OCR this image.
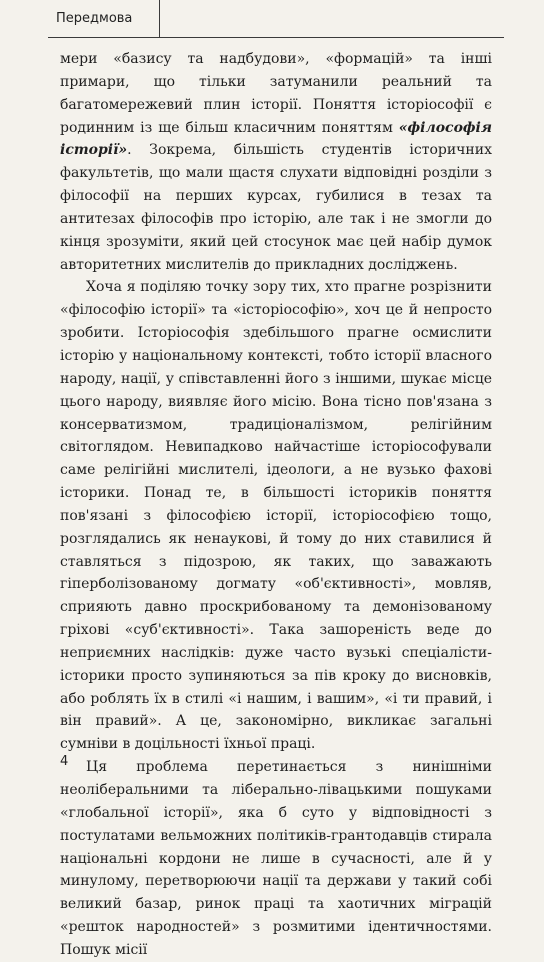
Передмова

мери «базису та надбудови», «формацій» та інші примари, що тільки затуманили реальний та багатомережевий плин історії. Поняття історіософії є родинним із ще більш класичним поняттям «філософія історії». Зокрема, більшість студентів історичних факультетів, що мали щастя слухати відповідні розділи з філософії на перших курсах, губилися в тезах та антитезах філософів про історію, але так і не змогли до кінця зрозуміти, який цей стосунок має цей набір думок авторитетних мислителів до прикладних досліджень.

Хоча я поділяю точку зору тих, хто прагне розрізнити «філософію історії» та «історіософію», хоч це й непросто зробити. Історіософія здебільшого прагне осмислити історію у національному контексті, тобто історії власного народу, нації, у співставленні його з іншими, шукає місце цього народу, виявляє його місію. Вона тісно пов'язана з консерватизмом, традиціоналізмом, релігійним світоглядом. Невипадково найчастіше історіософували саме релігійні мислителі, ідеологи, а не вузько фахові історики. Понад те, в більшості істориків поняття пов'язані з філософією історії, історіософією тощо, розглядались як ненаукові, й тому до них ставилися й ставляться з підозрою, як таких, що заважають гіперболізованому догмату «об'єктивності», мовляв, сприяють давно проскрибованому та демонізованому гріхові «суб'єктивності». Така зашореність веде до неприємних наслідків: дуже часто вузькі спеціалісти-історики просто зупиняються за пів кроку до висновків, або роблять їх в стилі «і нашим, і вашим», «і ти правий, і він правий». А це, закономірно, викликає загальні сумніви в доцільності їхньої праці.

Ця проблема перетинається з нинішніми неоліберальними та ліберально-лівацькими пошуками «глобальної історії», яка б суто у відповідності з постулатами вельможних політиків-грантодавців стирала національні кордони не лише в сучасності, але й у минулому, перетворюючи нації та держави у такий собі великий базар, ринок праці та хаотичних міграцій «решток народностей» з розмитими ідентичностями. Пошук місії

4
